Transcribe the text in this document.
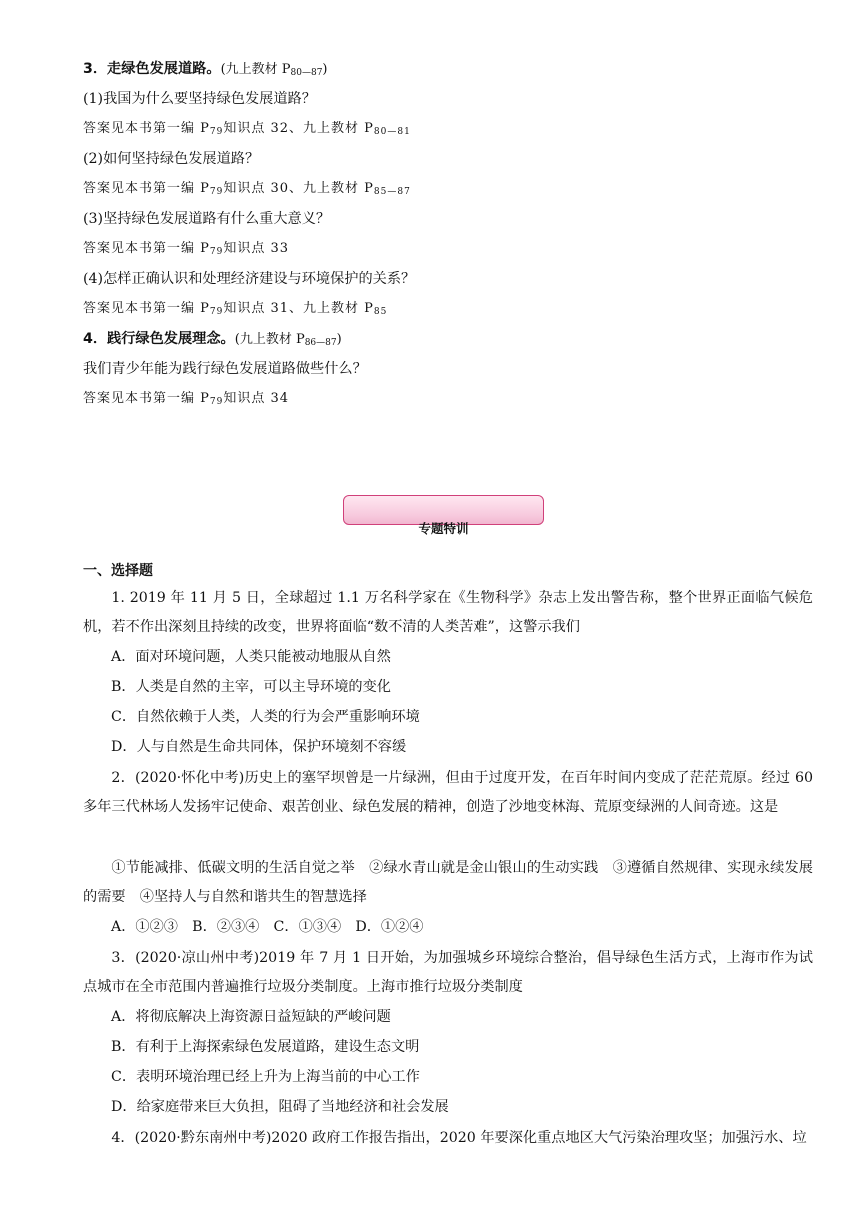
3．走绿色发展道路。(九上教材 $P_{80—87}$)
(1)我国为什么要坚持绿色发展道路？
答案见本书第一编 $P_{79}$知识点 32、九上教材 $P_{80—81}$
(2)如何坚持绿色发展道路？
答案见本书第一编 $P_{79}$知识点 30、九上教材 $P_{85—87}$
(3)坚持绿色发展道路有什么重大意义？
答案见本书第一编 $P_{79}$知识点 33
(4)怎样正确认识和处理经济建设与环境保护的关系？
答案见本书第一编 $P_{79}$知识点 31、九上教材 $P_{85}$
4．践行绿色发展理念。(九上教材 $P_{86—87}$)
我们青少年能为践行绿色发展道路做些什么？
答案见本书第一编 $P_{79}$知识点 34
专题特训
一、选择题
1. 2019 年 11 月 5 日，全球超过 1.1 万名科学家在《生物科学》杂志上发出警告称，整个世界正面临气候危机，若不作出深刻且持续的改变，世界将面临“数不清的人类苦难”，这警示我们
A．面对环境问题，人类只能被动地服从自然
B．人类是自然的主宰，可以主导环境的变化
C．自然依赖于人类，人类的行为会严重影响环境
D．人与自然是生命共同体，保护环境刻不容缓
2．(2020·怀化中考)历史上的塞罕坝曾是一片绿洲，但由于过度开发，在百年时间内变成了茫茫荒原。经过 60 多年三代林场人发扬牢记使命、艰苦创业、绿色发展的精神，创造了沙地变林海、荒原变绿洲的人间奇迹。这是
①节能减排、低碳文明的生活自觉之举　②绿水青山就是金山银山的生动实践　③遵循自然规律、实现永续发展的需要　④坚持人与自然和谐共生的智慧选择
A．①②③　B．②③④　C．①③④　D．①②④
3．(2020·凉山州中考)2019 年 7 月 1 日开始，为加强城乡环境综合整治，倡导绿色生活方式，上海市作为试点城市在全市范围内普遍推行垃圾分类制度。上海市推行垃圾分类制度
A．将彻底解决上海资源日益短缺的严峻问题
B．有利于上海探索绿色发展道路，建设生态文明
C．表明环境治理已经上升为上海当前的中心工作
D．给家庭带来巨大负担，阻碍了当地经济和社会发展
4．(2020·黔东南州中考)2020 政府工作报告指出，2020 年要深化重点地区大气污染治理攻坚；加强污水、垃
